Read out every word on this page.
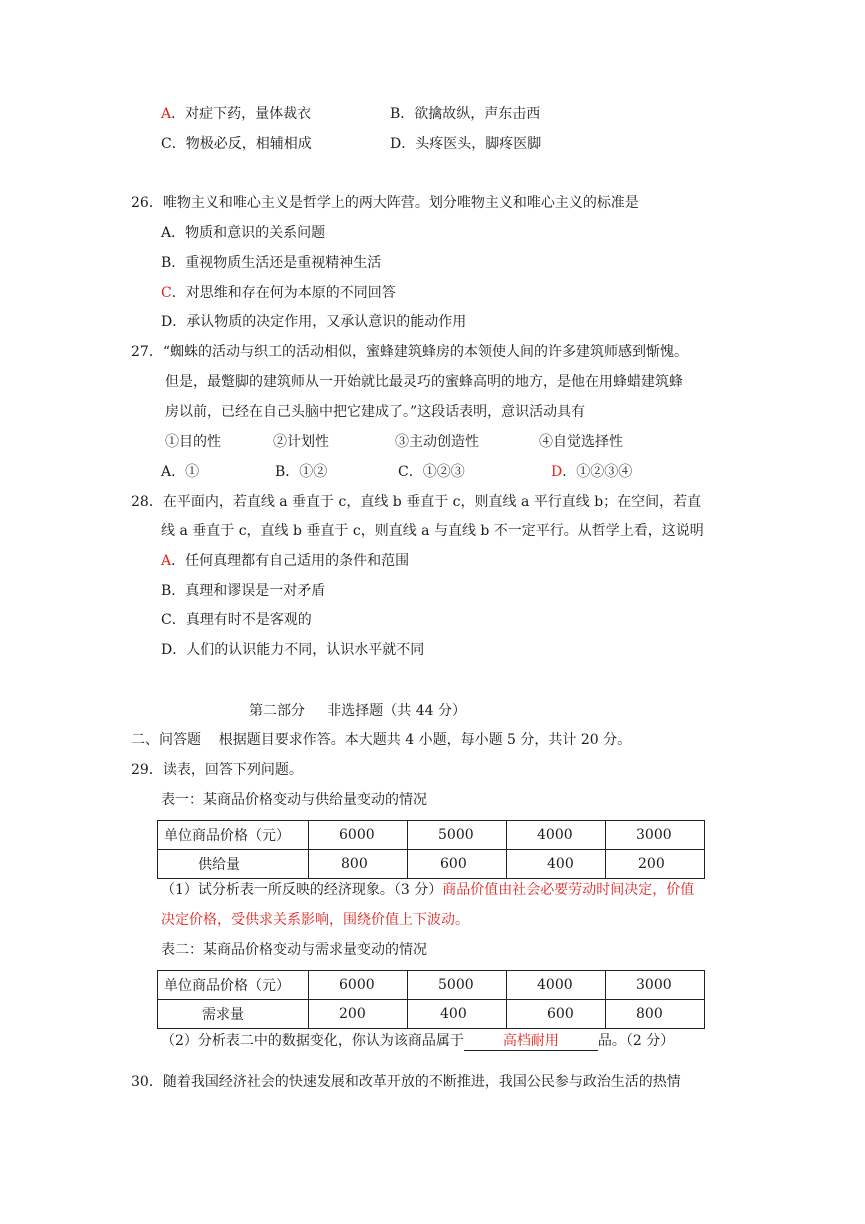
A．对症下药，量体裁衣	B．欲擒故纵，声东击西
C．物极必反，相辅相成	D．头疼医头，脚疼医脚
26．唯物主义和唯心主义是哲学上的两大阵营。划分唯物主义和唯心主义的标准是
A．物质和意识的关系问题
B．重视物质生活还是重视精神生活
C．对思维和存在何为本原的不同回答
D．承认物质的决定作用，又承认意识的能动作用
27．“蜘蛛的活动与织工的活动相似，蜜蜂建筑蜂房的本领使人间的许多建筑师感到惭愧。
但是，最蹩脚的建筑师从一开始就比最灵巧的蜜蜂高明的地方，是他在用蜂蜡建筑蜂
房以前，已经在自己头脑中把它建成了。”这段话表明，意识活动具有
①目的性	②计划性	③主动创造性	④自觉选择性
A．①	B．①②	C．①②③	D．①②③④
28．在平面内，若直线 a 垂直于 c，直线 b 垂直于 c，则直线 a 平行直线 b；在空间，若直
线 a 垂直于 c，直线 b 垂直于 c，则直线 a 与直线 b 不一定平行。从哲学上看，这说明
A．任何真理都有自己适用的条件和范围
B．真理和谬误是一对矛盾
C．真理有时不是客观的
D．人们的认识能力不同，认识水平就不同
第二部分     非选择题（共 44 分）
二、问答题    根据题目要求作答。本大题共 4 小题，每小题 5 分，共计 20 分。
29．读表，回答下列问题。
表一：某商品价格变动与供给量变动的情况
单位商品价格（元）	6000	5000	4000	3000
供给量	800	600	400	200
（1）试分析表一所反映的经济现象。（3 分）商品价值由社会必要劳动时间决定，价值
决定价格，受供求关系影响，围绕价值上下波动。
表二：某商品价格变动与需求量变动的情况
单位商品价格（元）	6000	5000	4000	3000
需求量	200	400	600	800
（2）分析表二中的数据变化，你认为该商品属于	高档耐用	品。（2 分）
30．随着我国经济社会的快速发展和改革开放的不断推进，我国公民参与政治生活的热情
